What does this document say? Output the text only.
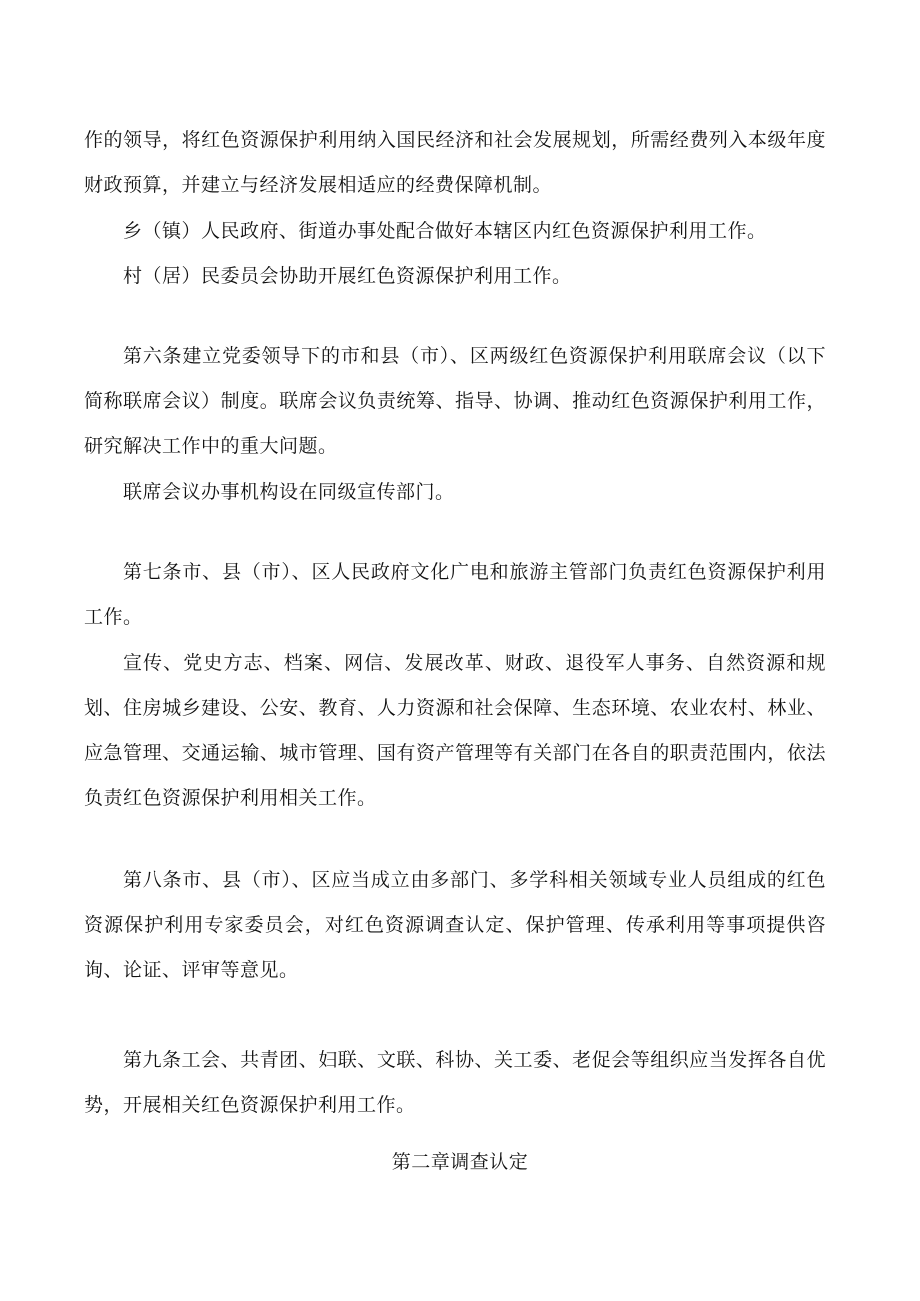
作的领导，将红色资源保护利用纳入国民经济和社会发展规划，所需经费列入本级年度财政预算，并建立与经济发展相适应的经费保障机制。

乡（镇）人民政府、街道办事处配合做好本辖区内红色资源保护利用工作。

村（居）民委员会协助开展红色资源保护利用工作。

第六条建立党委领导下的市和县（市）、区两级红色资源保护利用联席会议（以下简称联席会议）制度。联席会议负责统筹、指导、协调、推动红色资源保护利用工作，研究解决工作中的重大问题。

联席会议办事机构设在同级宣传部门。

第七条市、县（市）、区人民政府文化广电和旅游主管部门负责红色资源保护利用工作。

宣传、党史方志、档案、网信、发展改革、财政、退役军人事务、自然资源和规划、住房城乡建设、公安、教育、人力资源和社会保障、生态环境、农业农村、林业、应急管理、交通运输、城市管理、国有资产管理等有关部门在各自的职责范围内，依法负责红色资源保护利用相关工作。

第八条市、县（市）、区应当成立由多部门、多学科相关领域专业人员组成的红色资源保护利用专家委员会，对红色资源调查认定、保护管理、传承利用等事项提供咨询、论证、评审等意见。

第九条工会、共青团、妇联、文联、科协、关工委、老促会等组织应当发挥各自优势，开展相关红色资源保护利用工作。

第二章调查认定
